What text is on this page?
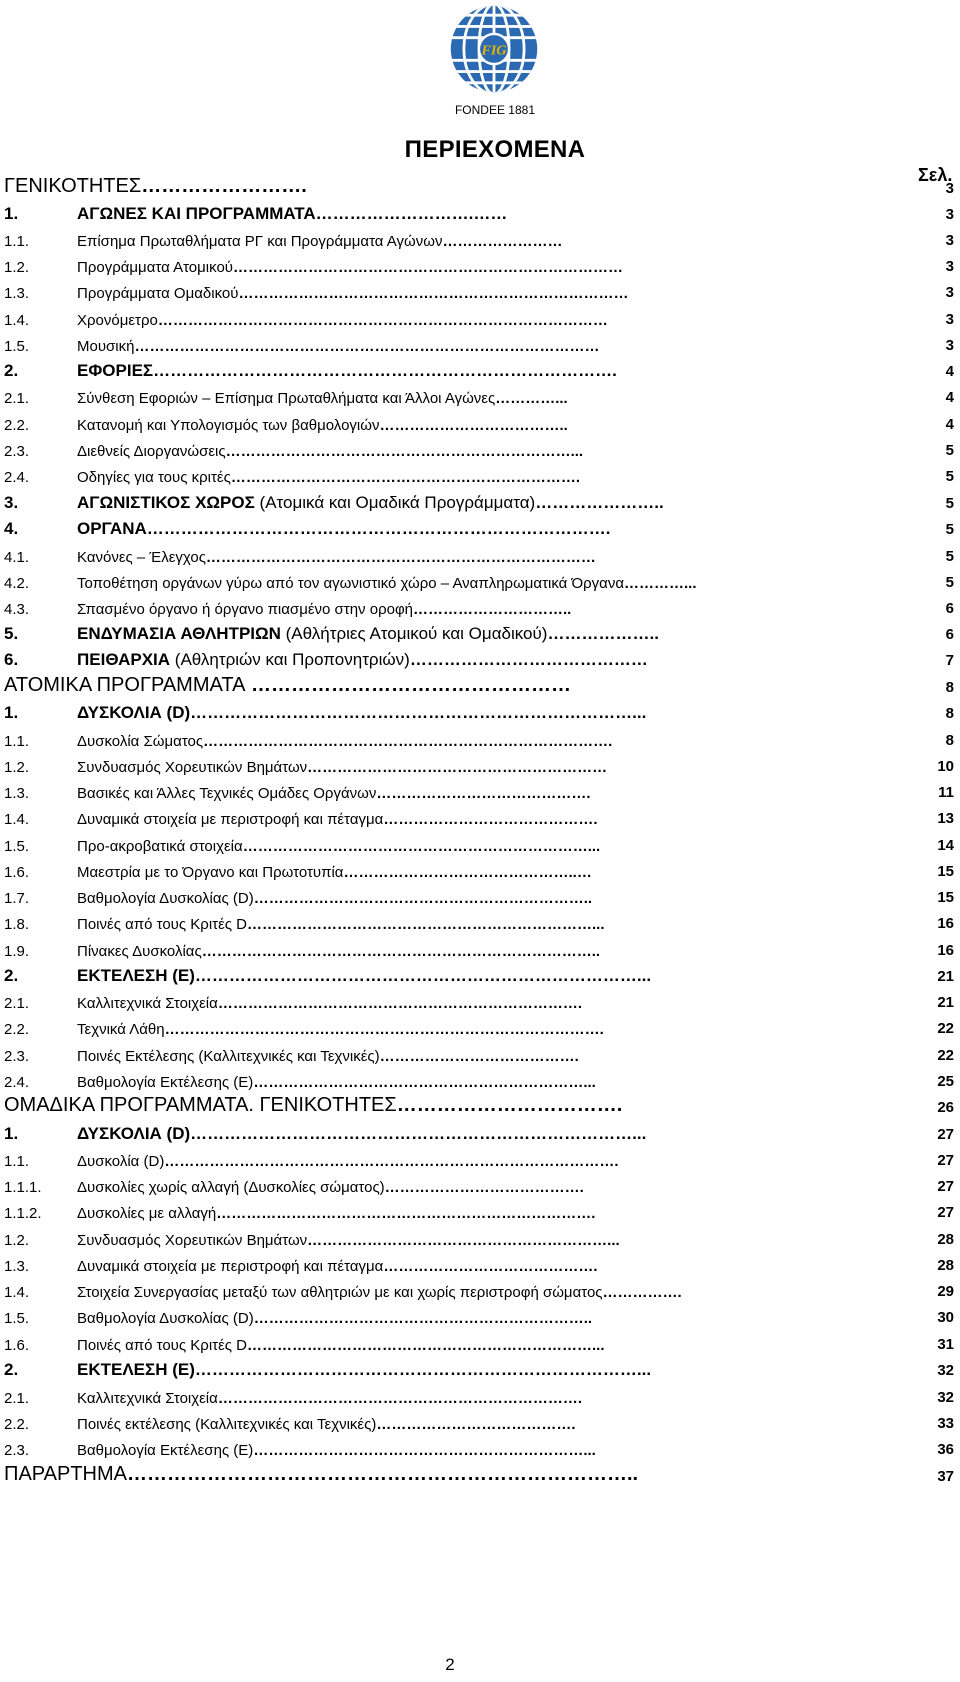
FIG
FONDEE 1881
ΠΕΡΙΕΧΟΜΕΝΑ
Σελ.
ΓΕΝΙΚΟΤΗΤΕΣ…………………….	3
1.	ΑΓΩΝΕΣ ΚΑΙ ΠΡΟΓΡΑΜΜΑΤΑ……………………….……	3
1.1.	Επίσημα Πρωταθλήματα ΡΓ και Προγράμματα Αγώνων……………………	3
1.2.	Προγράμματα Ατομικού……………………………………………………………………	3
1.3.	Προγράμματα Ομαδικού……………………………………………………………………	3
1.4.	Χρονόμετρο………………………………………………………………………………	3
1.5.	Μουσική…………………………………………………………………………………	3
2.	ΕΦΟΡΙΕΣ……………………………………………………………………….	4
2.1.	Σύνθεση Εφοριών – Επίσημα Πρωταθλήματα και Άλλοι Αγώνες…………...	4
2.2.	Κατανομή και Υπολογισμός των βαθμολογιών………………………………..	4
2.3.	Διεθνείς Διοργανώσεις……………………………………………………………...	5
2.4.	Οδηγίες για τους κριτές…………………………………………………………….	5
3.	ΑΓΩΝΙΣΤΙΚΟΣ ΧΩΡΟΣ (Ατομικά και Ομαδικά Προγράμματα)…………………..	5
4.	ΟΡΓΑΝΑ……………………………………………………………………….	5
4.1.	Κανόνες – Έλεγχος……………………………………………………………………	5
4.2.	Τοποθέτηση οργάνων γύρω από τον αγωνιστικό χώρο – Αναπληρωματικά Όργανα…………...	5
4.3.	Σπασμένο όργανο ή όργανο πιασμένο στην οροφή…………………………..	6
5.	ΕΝΔΥΜΑΣΙΑ ΑΘΛΗΤΡΙΩΝ (Αθλήτριες Ατομικού και Ομαδικού)………………..	6
6.	ΠΕΙΘΑΡΧΙΑ (Αθλητριών και Προπονητριών)……………………………………	7
ΑΤΟΜΙΚΑ ΠΡΟΓΡΑΜΜΑΤΑ …………………………………………	8
1.	ΔΥΣΚΟΛΙΑ (D)……………………………………………………………………...	8
1.1.	Δυσκολία Σώματος……………………………………………………………………….	8
1.2.	Συνδυασμός Χορευτικών Βημάτων……………………………………………………	10
1.3.	Βασικές και Άλλες Τεχνικές Ομάδες Οργάνων…………………………………….	11
1.4.	Δυναμικά στοιχεία με περιστροφή και πέταγμα…………………………………….	13
1.5.	Προ-ακροβατικά στοιχεία……………………………………………………………...	14
1.6.	Μαεστρία με το Όργανο και Πρωτοτυπία………………………………………..…	15
1.7.	Βαθμολογία Δυσκολίας (D)…………………………………………………………..	15
1.8.	Ποινές από τους Κριτές D……………………………………………………………...	16
1.9.	Πίνακες Δυσκολίας……………………………………………………………………..	16
2.	ΕΚΤΕΛΕΣΗ (Ε)……………………………………………………………………...	21
2.1.	Καλλιτεχνικά Στοιχεία……………………………………………………………….	21
2.2.	Τεχνικά Λάθη…………………………………………………………………………….	22
2.3.	Ποινές Εκτέλεσης (Καλλιτεχνικές και Τεχνικές)………………………………….	22
2.4.	Βαθμολογία Εκτέλεσης (Ε)…………………………………………………………...	25
ΟΜΑΔΙΚΑ ΠΡΟΓΡΑΜΜΑΤΑ. ΓΕΝΙΚΟΤΗΤΕΣ…………………………….	26
1.	ΔΥΣΚΟΛΙΑ (D)……………………………………………………………………...	27
1.1.	Δυσκολία (D)……………………………………………………………………………….	27
1.1.1. Δυσκολίες χωρίς αλλαγή (Δυσκολίες σώματος)………………………………….	27
1.1.2. Δυσκολίες με αλλαγή………………………………………………………………….	27
1.2.	Συνδυασμός Χορευτικών Βημάτων……………………………………………………...	28
1.3.	Δυναμικά στοιχεία με περιστροφή και πέταγμα…………………………………….	28
1.4.	Στοιχεία Συνεργασίας μεταξύ των αθλητριών με και χωρίς περιστροφή σώματος…………….	29
1.5.	Βαθμολογία Δυσκολίας (D)…………………………………………………………..	30
1.6.	Ποινές από τους Κριτές D……………………………………………………………...	31
2.	ΕΚΤΕΛΕΣΗ (Ε)……………………………………………………………………...	32
2.1.	Καλλιτεχνικά Στοιχεία……………………………………………………………….	32
2.2.	Ποινές εκτέλεσης (Καλλιτεχνικές και Τεχνικές)………………………………….	33
2.3.	Βαθμολογία Εκτέλεσης (Ε)…………………………………………………………...	36
ΠΑΡΑΡΤΗΜΑ…………………………………………………………………..	37
2
